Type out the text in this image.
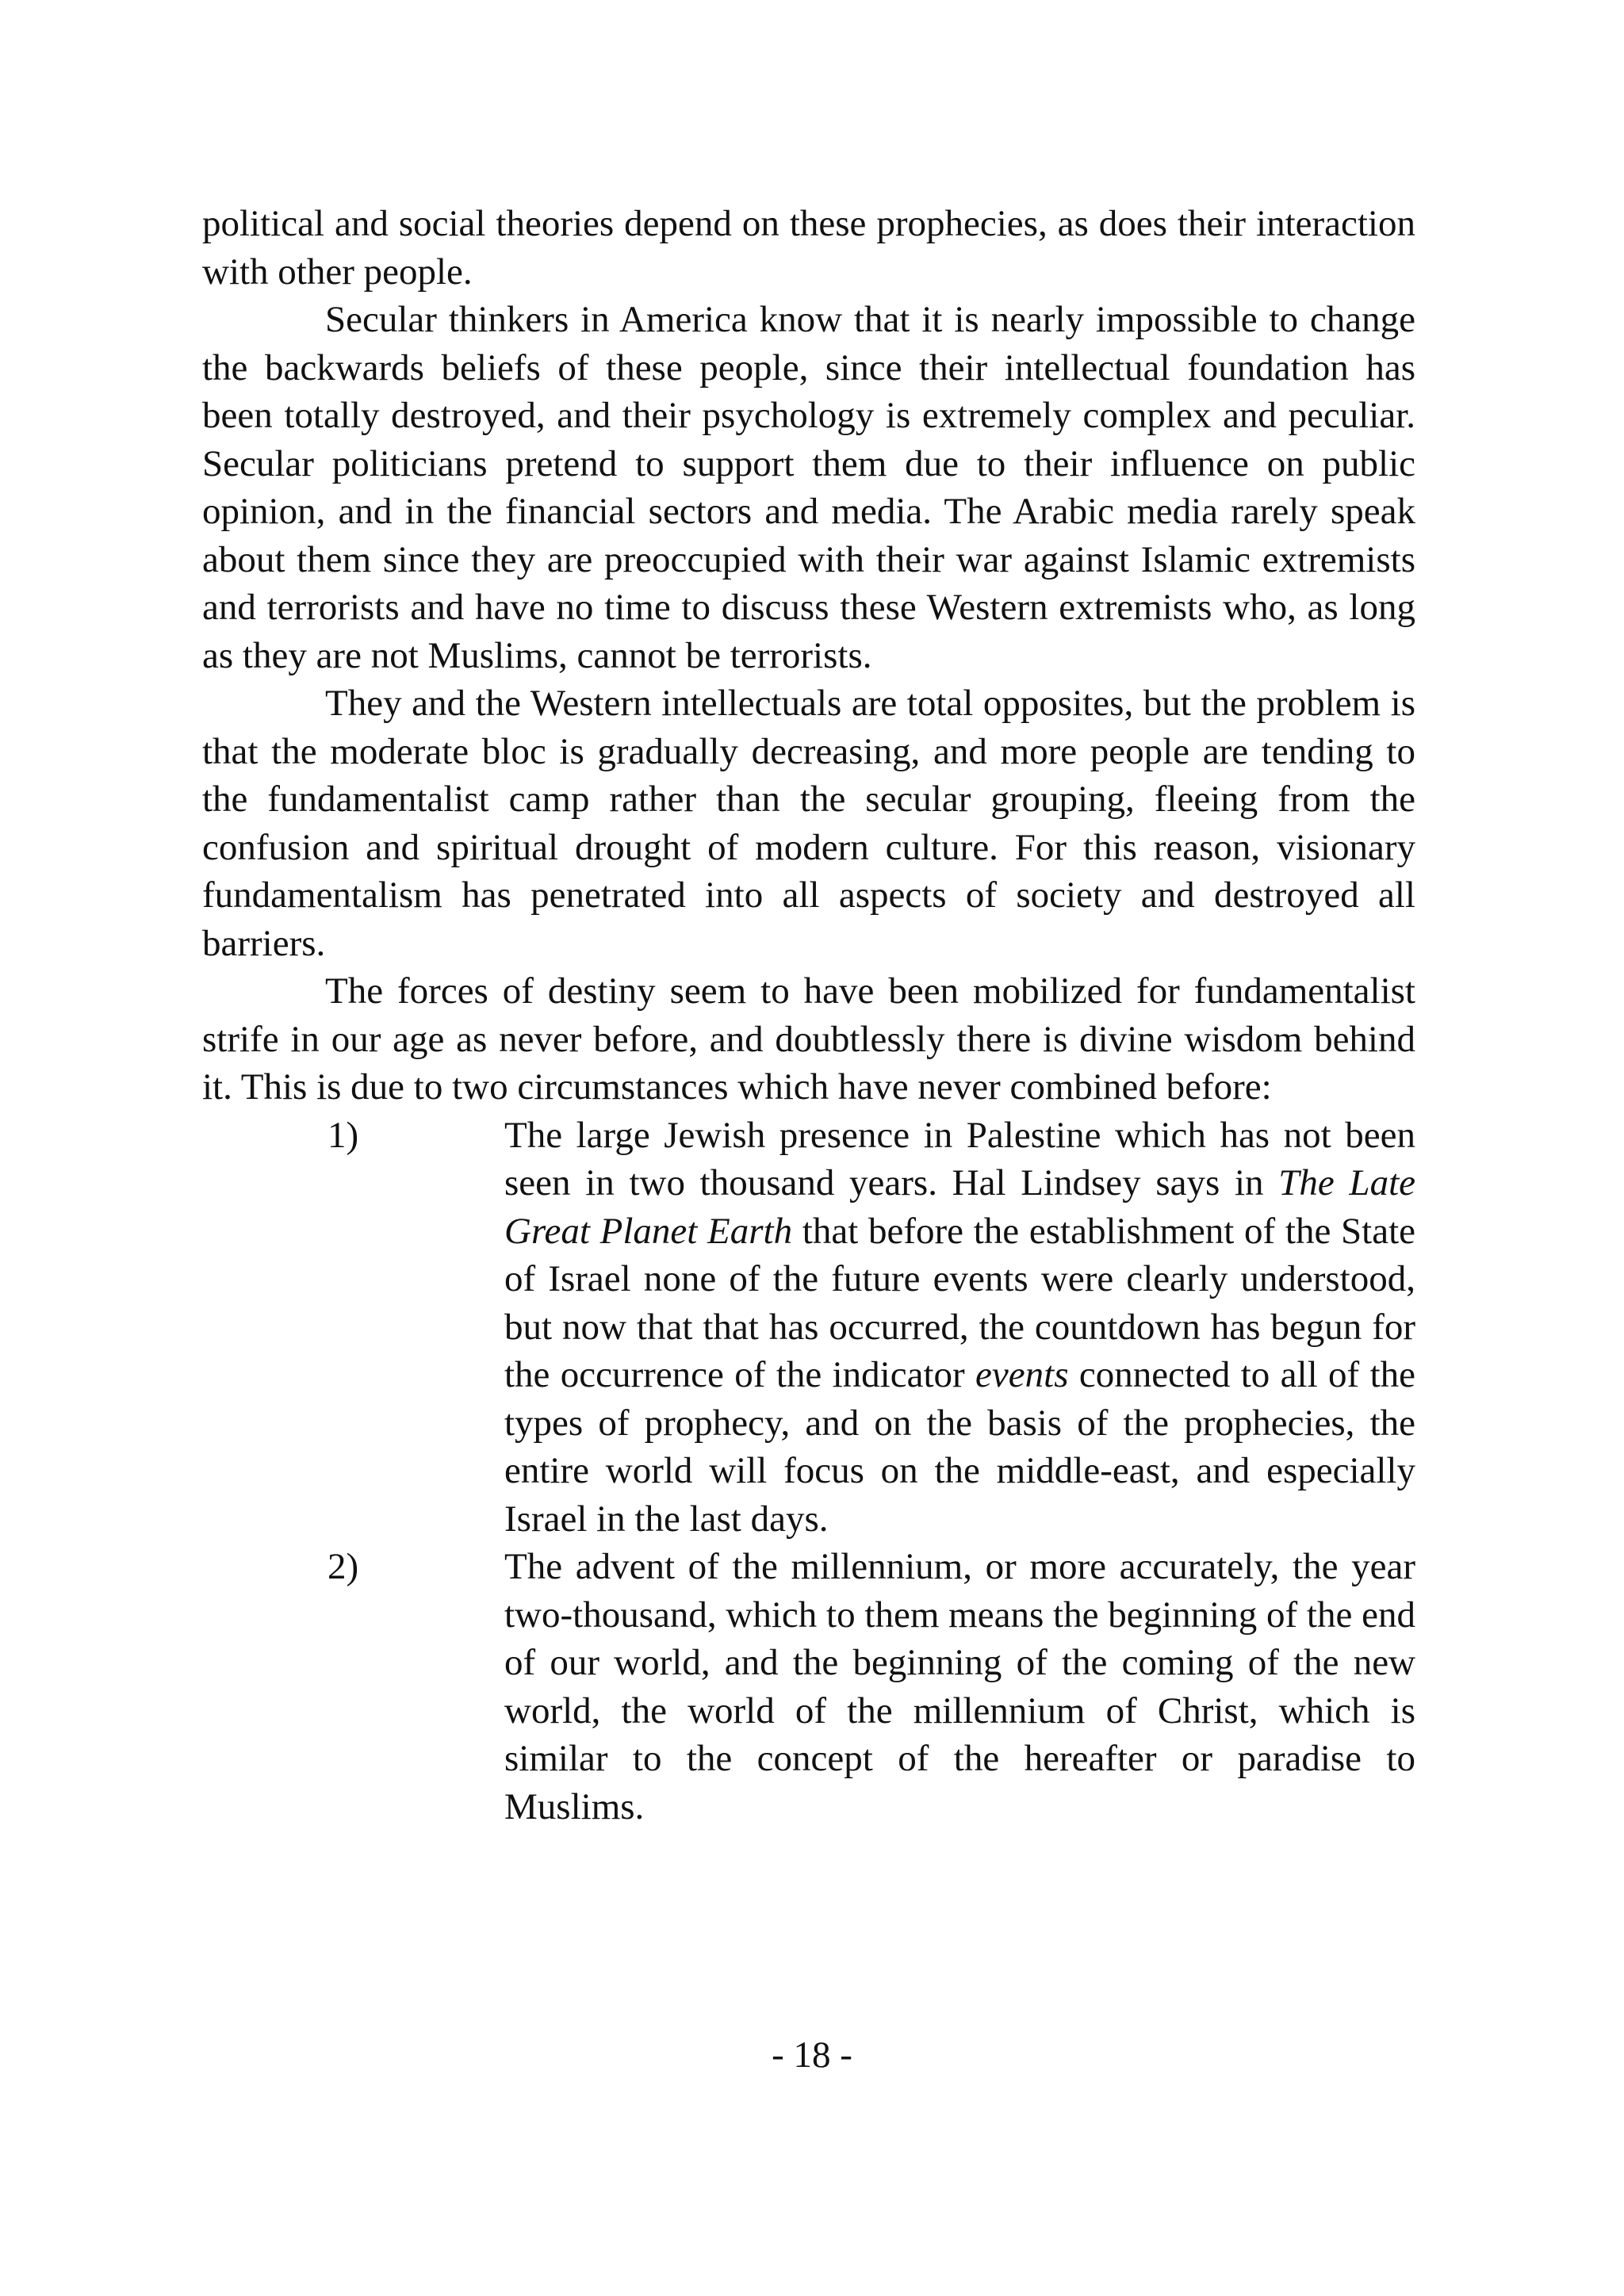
political and social theories depend on these prophecies, as does their interaction with other people.

Secular thinkers in America know that it is nearly impossible to change the backwards beliefs of these people, since their intellectual foundation has been totally destroyed, and their psychology is extremely complex and peculiar. Secular politicians pretend to support them due to their influence on public opinion, and in the financial sectors and media. The Arabic media rarely speak about them since they are preoccupied with their war against Islamic extremists and terrorists and have no time to discuss these Western extremists who, as long as they are not Muslims, cannot be terrorists.

They and the Western intellectuals are total opposites, but the problem is that the moderate bloc is gradually decreasing, and more people are tending to the fundamentalist camp rather than the secular grouping, fleeing from the confusion and spiritual drought of modern culture. For this reason, visionary fundamentalism has penetrated into all aspects of society and destroyed all barriers.

The forces of destiny seem to have been mobilized for fundamentalist strife in our age as never before, and doubtlessly there is divine wisdom behind it. This is due to two circumstances which have never combined before:

1)	The large Jewish presence in Palestine which has not been seen in two thousand years. Hal Lindsey says in The Late Great Planet Earth that before the establishment of the State of Israel none of the future events were clearly understood, but now that that has occurred, the countdown has begun for the occurrence of the indicator events connected to all of the types of prophecy, and on the basis of the prophecies, the entire world will focus on the middle-east, and especially Israel in the last days.
2)	The advent of the millennium, or more accurately, the year two-thousand, which to them means the beginning of the end of our world, and the beginning of the coming of the new world, the world of the millennium of Christ, which is similar to the concept of the hereafter or paradise to Muslims.
- 18 -
